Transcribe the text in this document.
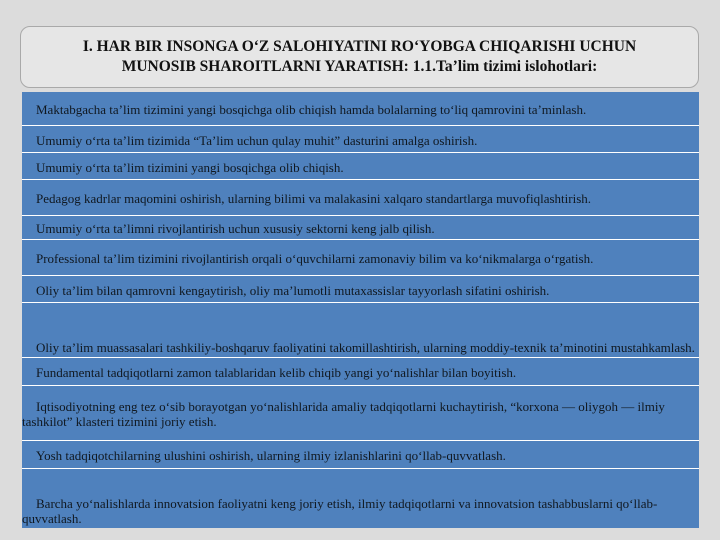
I. HAR BIR INSONGA O‘Z SALOHIYATINI RO‘YOBGA CHIQARISHI UCHUN
MUNOSIB SHAROITLARNI YARATISH: 1.1.Ta’lim tizimi islohotlari:
Maktabgacha ta’lim tizimini yangi bosqichga olib chiqish hamda bolalarning to‘liq qamrovini ta’minlash.
Umumiy o‘rta ta’lim tizimida “Ta’lim uchun qulay muhit” dasturini amalga oshirish.
Umumiy o‘rta ta’lim tizimini yangi bosqichga olib chiqish.
Pedagog kadrlar maqomini oshirish, ularning bilimi va malakasini xalqaro standartlarga muvofiqlashtirish.
Umumiy o‘rta ta’limni rivojlantirish uchun xususiy sektorni keng jalb qilish.
Professional ta’lim tizimini rivojlantirish orqali o‘quvchilarni zamonaviy bilim va ko‘nikmalarga o‘rgatish.
Oliy ta’lim bilan qamrovni kengaytirish, oliy ma’lumotli mutaxassislar tayyorlash sifatini oshirish.
Oliy ta’lim muassasalari tashkiliy-boshqaruv faoliyatini takomillashtirish, ularning moddiy-texnik ta’minotini mustahkamlash.
Fundamental tadqiqotlarni zamon talablaridan kelib chiqib yangi yo‘nalishlar bilan boyitish.
Iqtisodiyotning eng tez o‘sib borayotgan yo‘nalishlarida amaliy tadqiqotlarni kuchaytirish, “korxona — oliygoh — ilmiy tashkilot” klasteri tizimini joriy etish.
Yosh tadqiqotchilarning ulushini oshirish, ularning ilmiy izlanishlarini qo‘llab-quvvatlash.
Barcha yo‘nalishlarda innovatsion faoliyatni keng joriy etish, ilmiy tadqiqotlarni va innovatsion tashabbuslarni qo‘llab-quvvatlash.
